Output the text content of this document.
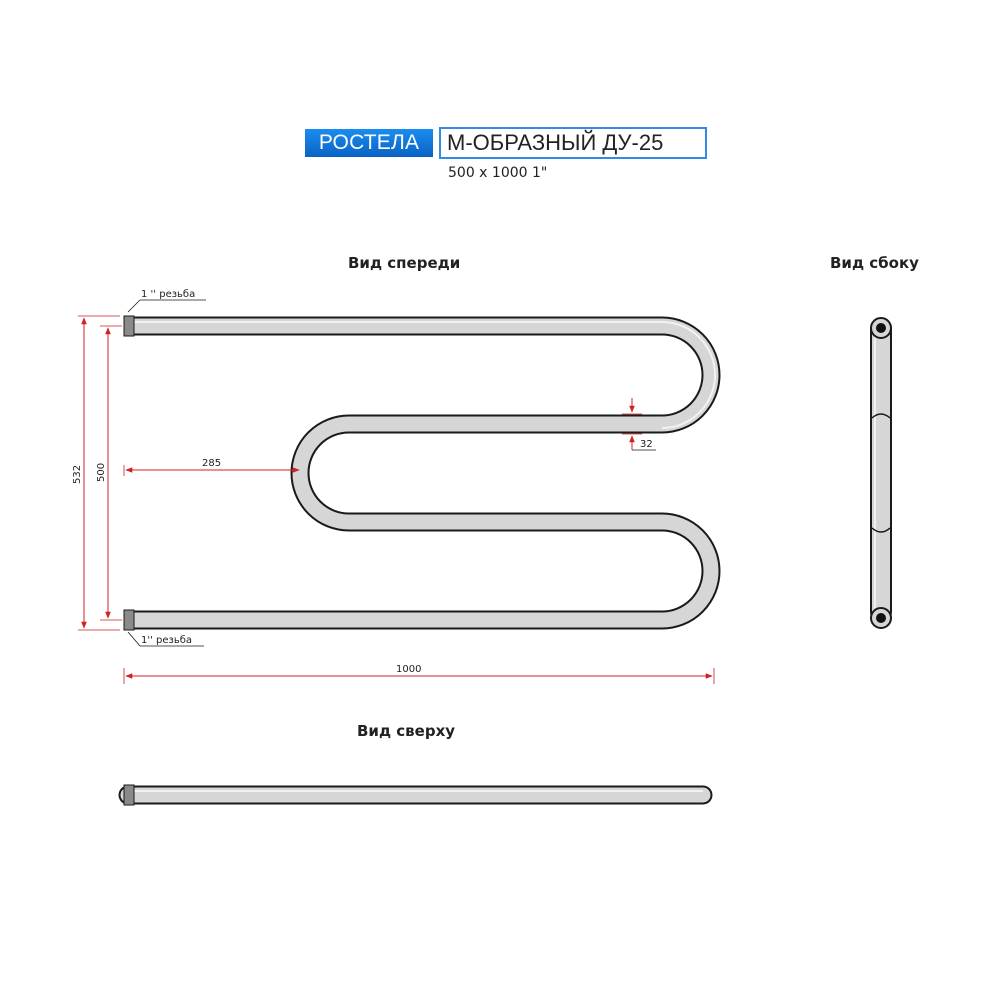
РОСТЕЛА	М-ОБРАЗНЫЙ ДУ-25
500 x 1000 1"
Вид спереди	Вид сбоку
Вид сверху
1 '' резьба
1'' резьба
532 500	285
32
1000
